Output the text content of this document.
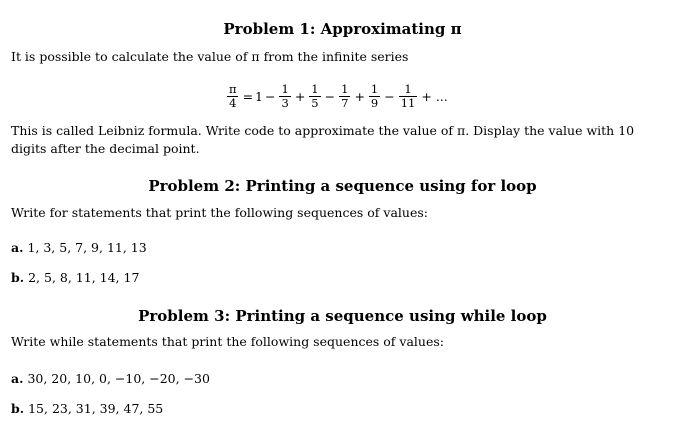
Problem 1: Approximating π
It is possible to calculate the value of π from the infinite series
$\frac{\pi}{4} = 1 - \frac{1}{3} + \frac{1}{5} - \frac{1}{7} + \frac{1}{9} - \frac{1}{11}$ + ...
This is called Leibniz formula. Write code to approximate the value of π. Display the value with 10 digits after the decimal point.
Problem 2: Printing a sequence using for loop
Write for statements that print the following sequences of values:
a. 1, 3, 5, 7, 9, 11, 13
b. 2, 5, 8, 11, 14, 17
Problem 3: Printing a sequence using while loop
Write while statements that print the following sequences of values:
a. 30, 20, 10, 0, −10, −20, −30
b. 15, 23, 31, 39, 47, 55
